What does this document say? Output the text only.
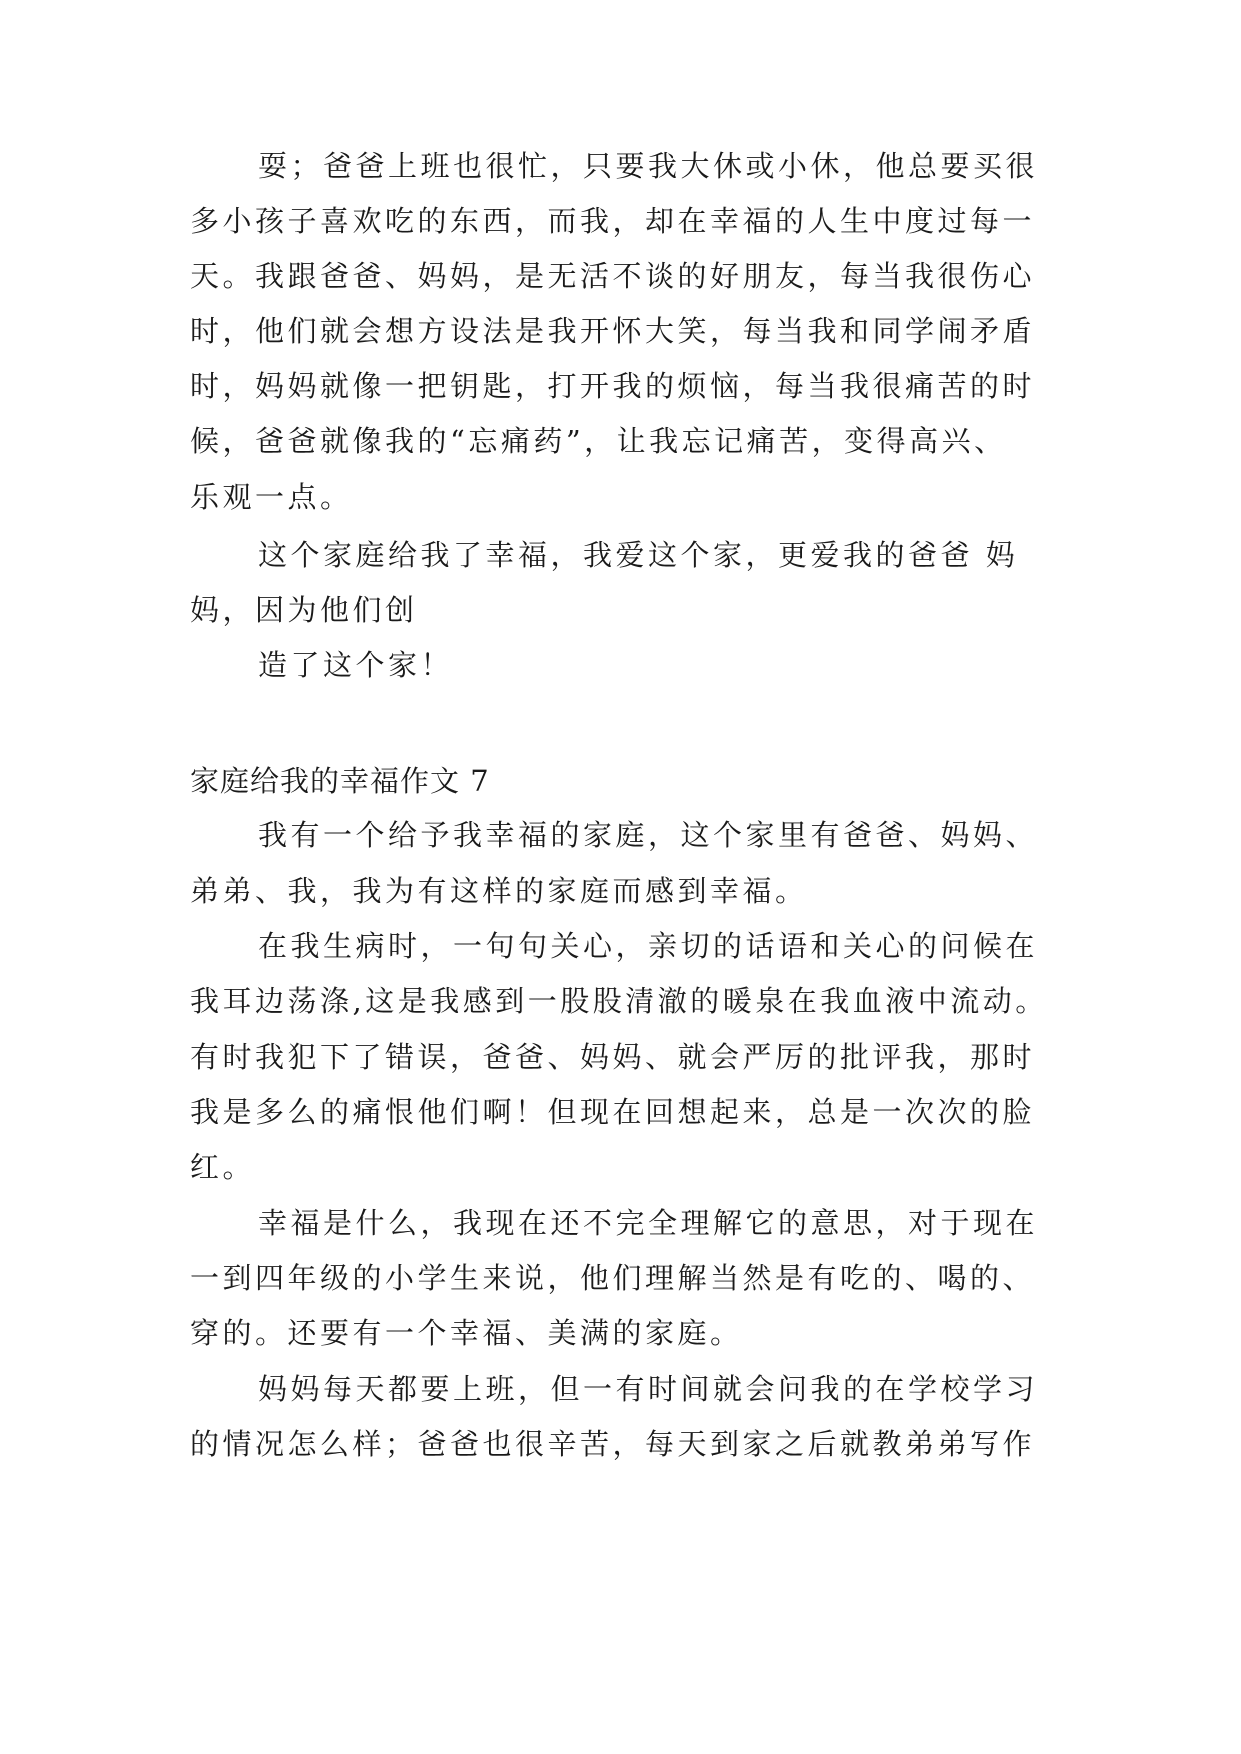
耍；爸爸上班也很忙，只要我大休或小休，他总要买很

多小孩子喜欢吃的东西，而我，却在幸福的人生中度过每一

天。我跟爸爸、妈妈，是无活不谈的好朋友，每当我很伤心

时，他们就会想方设法是我开怀大笑，每当我和同学闹矛盾

时，妈妈就像一把钥匙，打开我的烦恼，每当我很痛苦的时

候，爸爸就像我的“忘痛药”，让我忘记痛苦，变得高兴、

乐观一点。

这个家庭给我了幸福，我爱这个家，更爱我的爸爸 妈

妈，因为他们创

造了这个家！

家庭给我的幸福作文 7

我有一个给予我幸福的家庭，这个家里有爸爸、妈妈、

弟弟、我，我为有这样的家庭而感到幸福。

在我生病时，一句句关心，亲切的话语和关心的问候在

我耳边荡涤,这是我感到一股股清澈的暖泉在我血液中流动。

有时我犯下了错误，爸爸、妈妈、就会严厉的批评我，那时

我是多么的痛恨他们啊！但现在回想起来，总是一次次的脸

红。

幸福是什么，我现在还不完全理解它的意思，对于现在

一到四年级的小学生来说，他们理解当然是有吃的、喝的、

穿的。还要有一个幸福、美满的家庭。

妈妈每天都要上班，但一有时间就会问我的在学校学习

的情况怎么样；爸爸也很辛苦，每天到家之后就教弟弟写作
